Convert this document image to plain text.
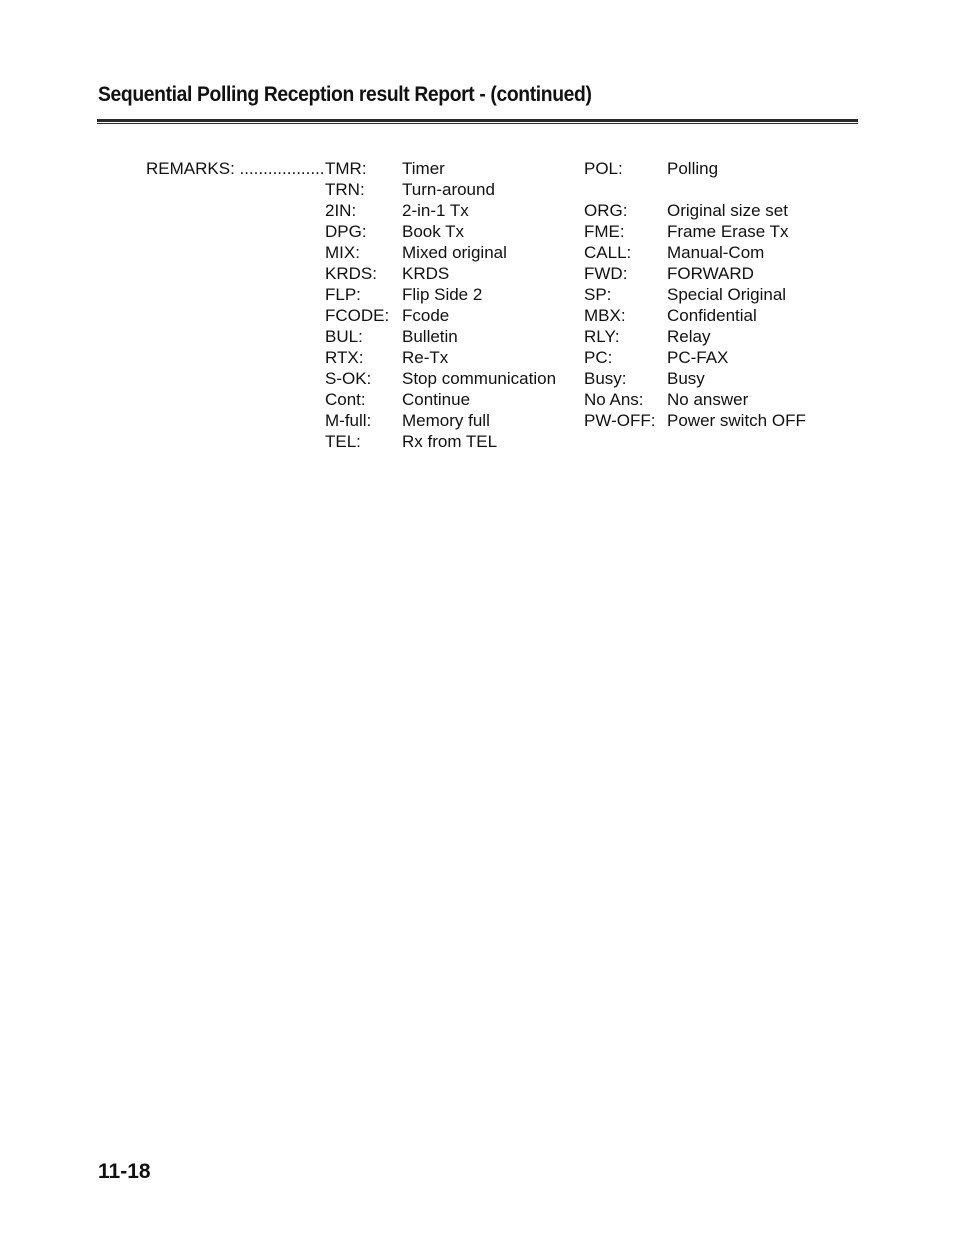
Sequential Polling Reception result Report - (continued)
REMARKS: .................. TMR: Timer	POL:	Polling
TRN: Turn-around
2IN:	2-in-1 Tx	ORG: Original size set
DPG: Book Tx	FME: Frame Erase Tx
MIX: Mixed original	CALL: Manual-Com
KRDS: KRDS	FWD: FORWARD
FLP: Flip Side 2	SP:	Special Original
FCODE: Fcode	MBX: Confidential
BUL: Bulletin	RLY:	Relay
RTX: Re-Tx	PC:	PC-FAX
S-OK: Stop communication Busy: Busy
Cont: Continue	No Ans: No answer
M-full: Memory full	PW-OFF: Power switch OFF
TEL: Rx from TEL
11-18
